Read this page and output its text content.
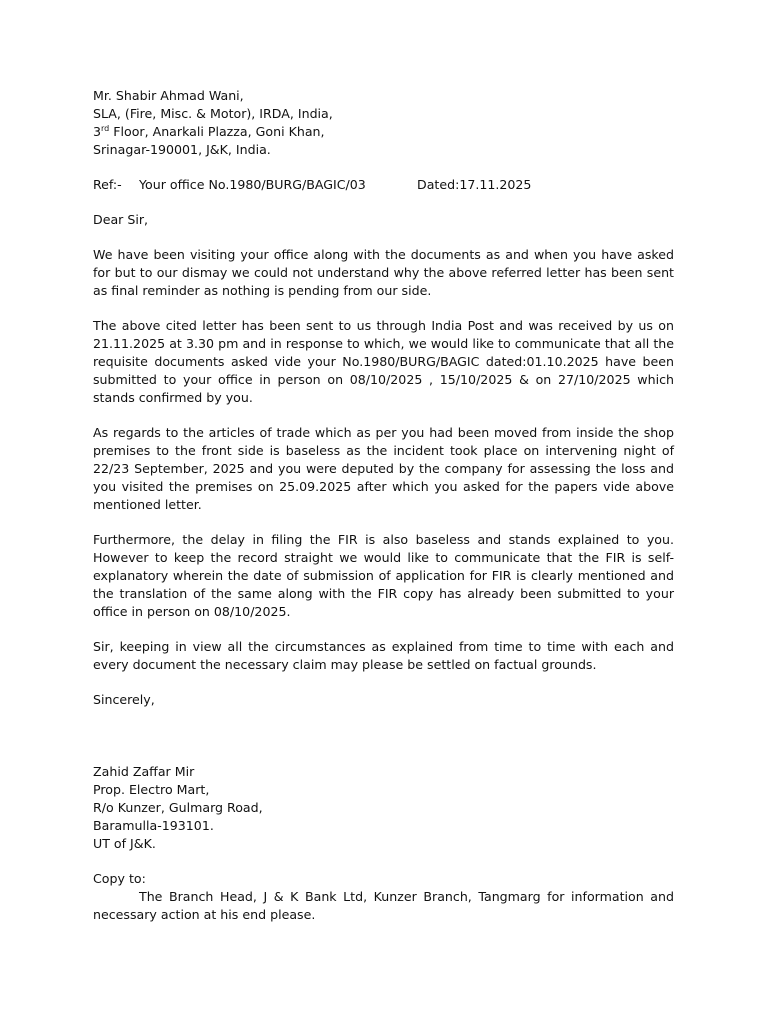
Mr. Shabir Ahmad Wani,
SLA, (Fire, Misc. & Motor), IRDA, India,
3rd Floor, Anarkali Plazza, Goni Khan,
Srinagar-190001, J&K, India.
Ref:-	Your office No.1980/BURG/BAGIC/03	Dated:17.11.2025
Dear Sir,
We have been visiting your office along with the documents as and when you have asked for but to our dismay we could not understand why the above referred letter has been sent as final reminder as nothing is pending from our side.
The above cited letter has been sent to us through India Post and was received by us on 21.11.2025 at 3.30 pm and in response to which, we would like to communicate that all the requisite documents asked vide your No.1980/BURG/BAGIC dated:01.10.2025 have been submitted to your office in person on 08/10/2025 , 15/10/2025 & on 27/10/2025 which stands confirmed by you.
As regards to the articles of trade which as per you had been moved from inside the shop premises to the front side is baseless as the incident took place on intervening night of 22/23 September, 2025 and you were deputed by the company for assessing the loss and you visited the premises on 25.09.2025 after which you asked for the papers vide above mentioned letter.
Furthermore, the delay in filing the FIR is also baseless and stands explained to you. However to keep the record straight we would like to communicate that the FIR is self-explanatory wherein the date of submission of application for FIR is clearly mentioned and the translation of the same along with the FIR copy has already been submitted to your office in person on 08/10/2025.
Sir, keeping in view all the circumstances as explained from time to time with each and every document the necessary claim may please be settled on factual grounds.
Sincerely,
Zahid Zaffar Mir
Prop. Electro Mart,
R/o Kunzer, Gulmarg Road,
Baramulla-193101.
UT of J&K.
Copy to:
The Branch Head, J & K Bank Ltd, Kunzer Branch, Tangmarg for information and necessary action at his end please.
